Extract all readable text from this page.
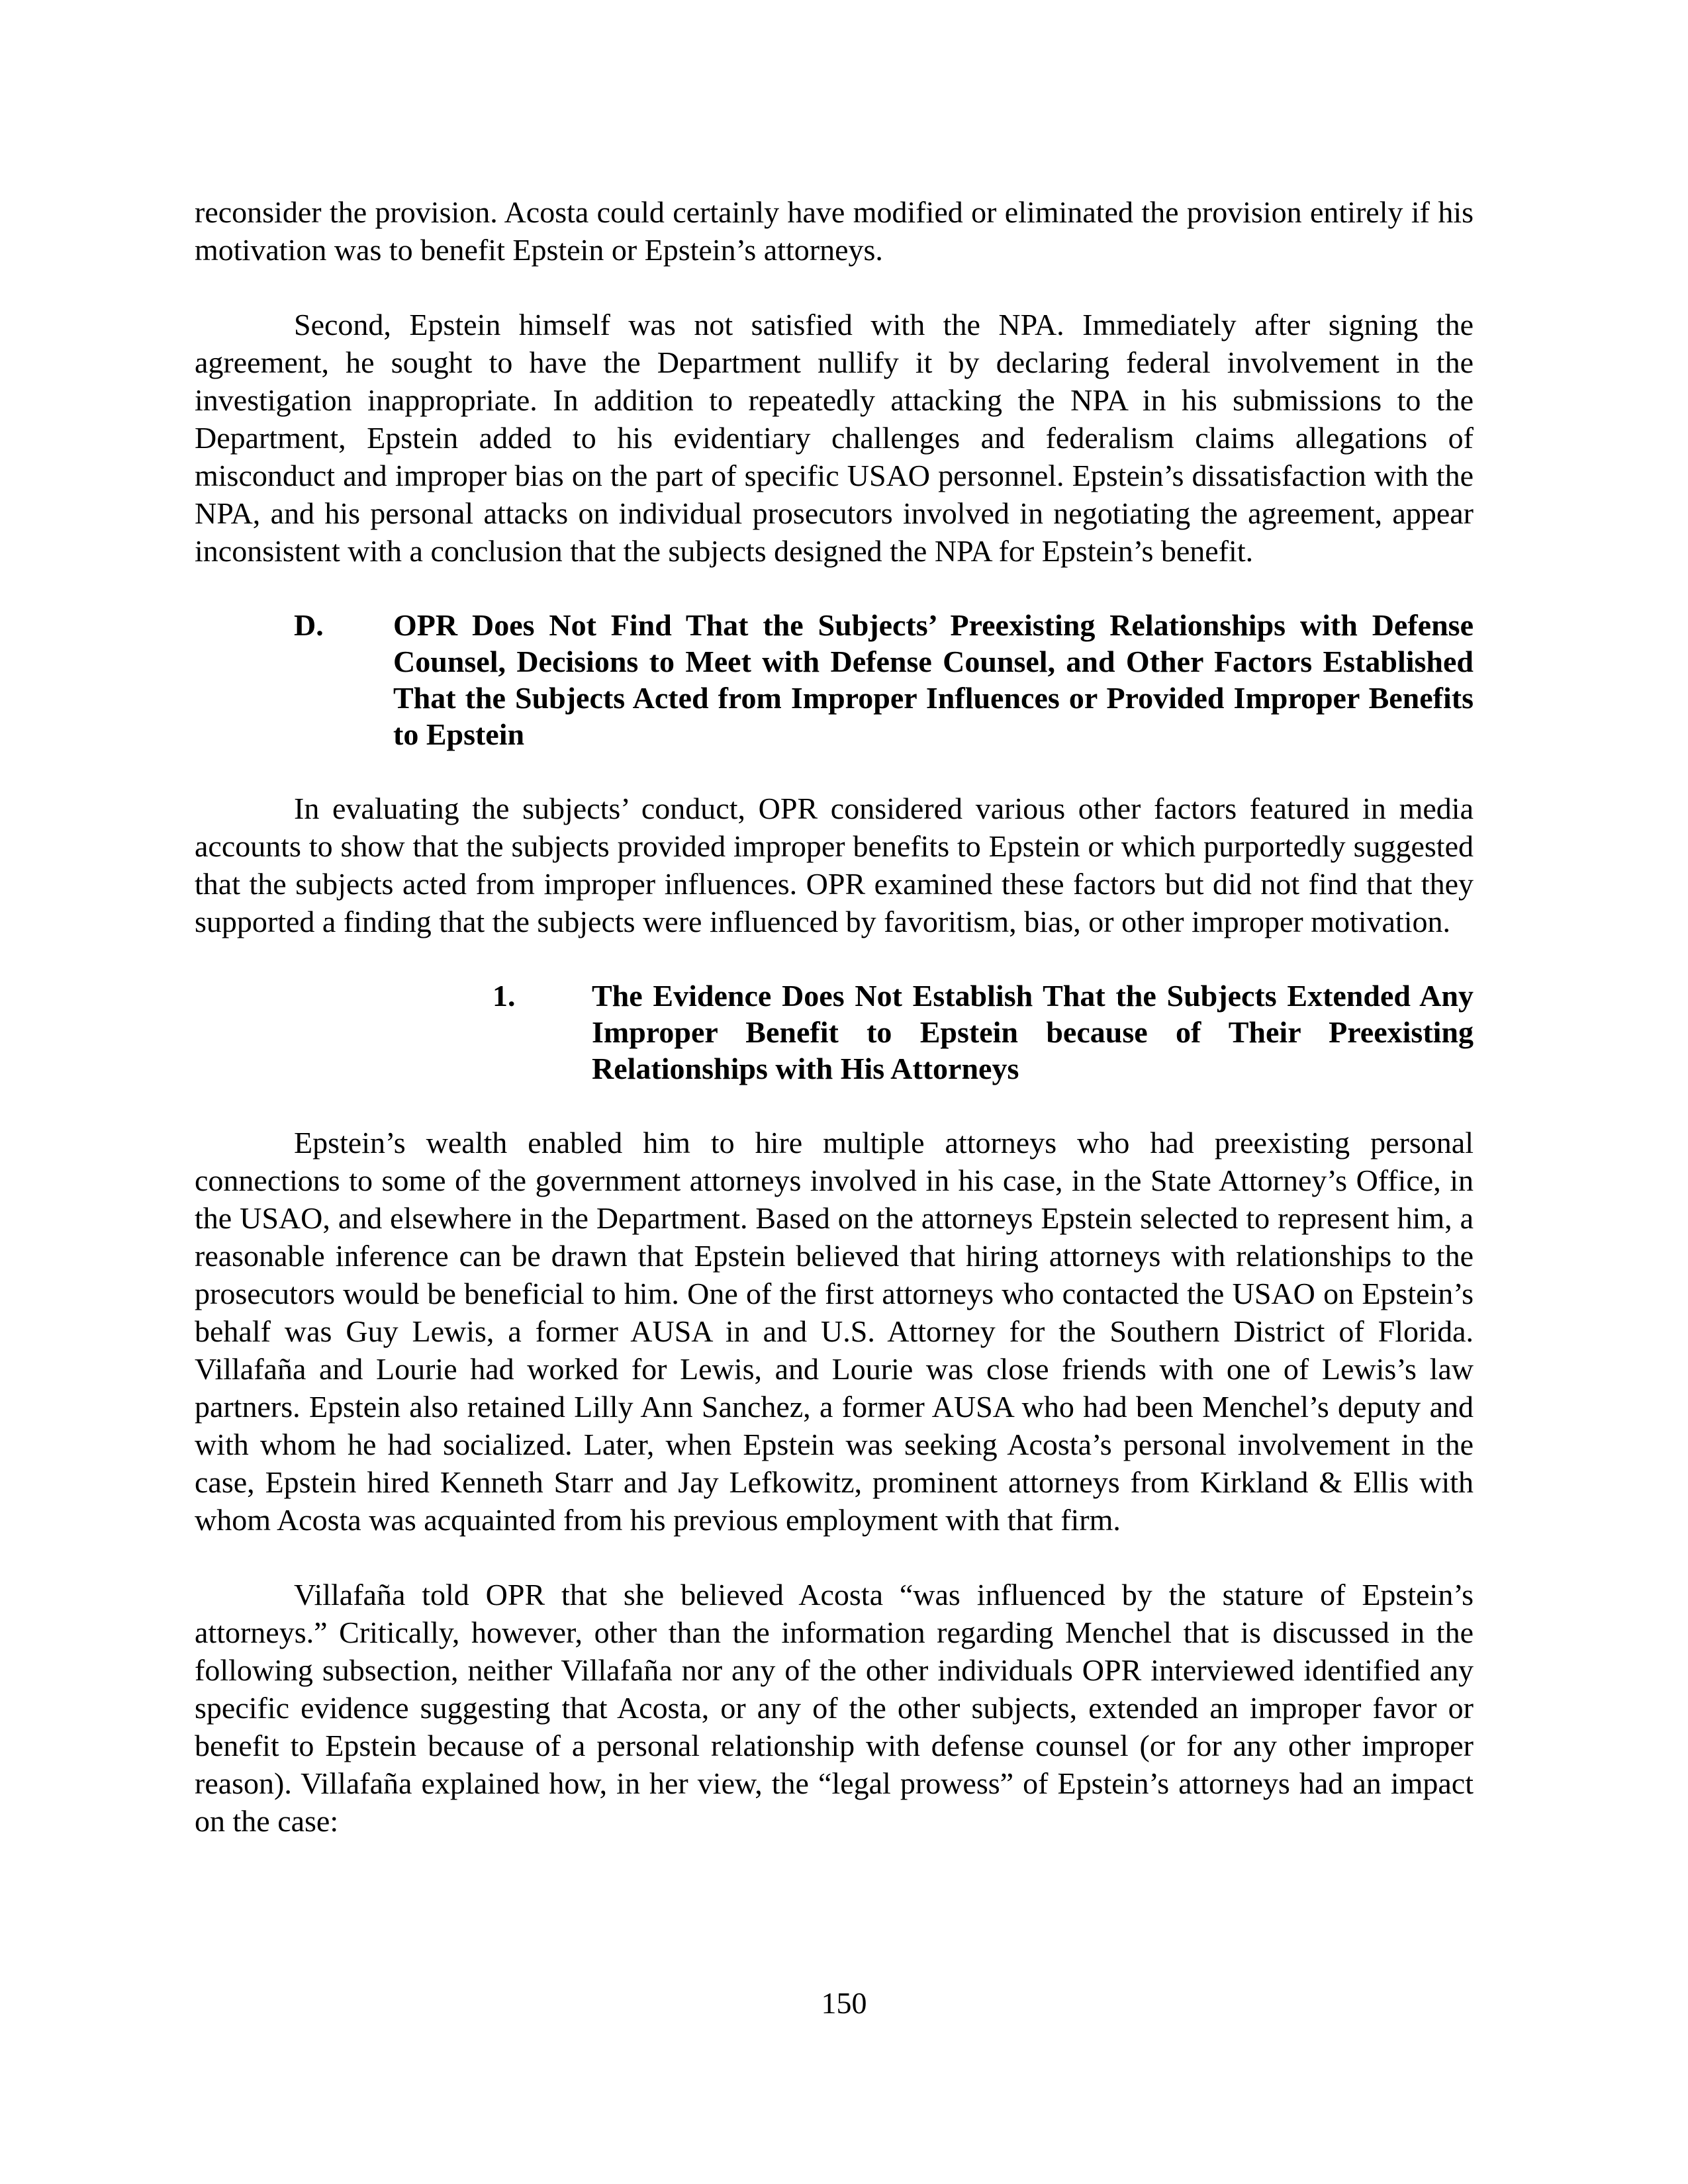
reconsider the provision. Acosta could certainly have modified or eliminated the provision entirely if his motivation was to benefit Epstein or Epstein’s attorneys.

Second, Epstein himself was not satisfied with the NPA. Immediately after signing the agreement, he sought to have the Department nullify it by declaring federal involvement in the investigation inappropriate. In addition to repeatedly attacking the NPA in his submissions to the Department, Epstein added to his evidentiary challenges and federalism claims allegations of misconduct and improper bias on the part of specific USAO personnel. Epstein’s dissatisfaction with the NPA, and his personal attacks on individual prosecutors involved in negotiating the agreement, appear inconsistent with a conclusion that the subjects designed the NPA for Epstein’s benefit.

D.	OPR Does Not Find That the Subjects’ Preexisting Relationships with Defense Counsel, Decisions to Meet with Defense Counsel, and Other Factors Established That the Subjects Acted from Improper Influences or Provided Improper Benefits to Epstein

In evaluating the subjects’ conduct, OPR considered various other factors featured in media accounts to show that the subjects provided improper benefits to Epstein or which purportedly suggested that the subjects acted from improper influences. OPR examined these factors but did not find that they supported a finding that the subjects were influenced by favoritism, bias, or other improper motivation.

1.	The Evidence Does Not Establish That the Subjects Extended Any Improper Benefit to Epstein because of Their Preexisting Relationships with His Attorneys

Epstein’s wealth enabled him to hire multiple attorneys who had preexisting personal connections to some of the government attorneys involved in his case, in the State Attorney’s Office, in the USAO, and elsewhere in the Department. Based on the attorneys Epstein selected to represent him, a reasonable inference can be drawn that Epstein believed that hiring attorneys with relationships to the prosecutors would be beneficial to him. One of the first attorneys who contacted the USAO on Epstein’s behalf was Guy Lewis, a former AUSA in and U.S. Attorney for the Southern District of Florida. Villafaña and Lourie had worked for Lewis, and Lourie was close friends with one of Lewis’s law partners. Epstein also retained Lilly Ann Sanchez, a former AUSA who had been Menchel’s deputy and with whom he had socialized. Later, when Epstein was seeking Acosta’s personal involvement in the case, Epstein hired Kenneth Starr and Jay Lefkowitz, prominent attorneys from Kirkland & Ellis with whom Acosta was acquainted from his previous employment with that firm.

Villafaña told OPR that she believed Acosta “was influenced by the stature of Epstein’s attorneys.” Critically, however, other than the information regarding Menchel that is discussed in the following subsection, neither Villafaña nor any of the other individuals OPR interviewed identified any specific evidence suggesting that Acosta, or any of the other subjects, extended an improper favor or benefit to Epstein because of a personal relationship with defense counsel (or for any other improper reason). Villafaña explained how, in her view, the “legal prowess” of Epstein’s attorneys had an impact on the case:

150
